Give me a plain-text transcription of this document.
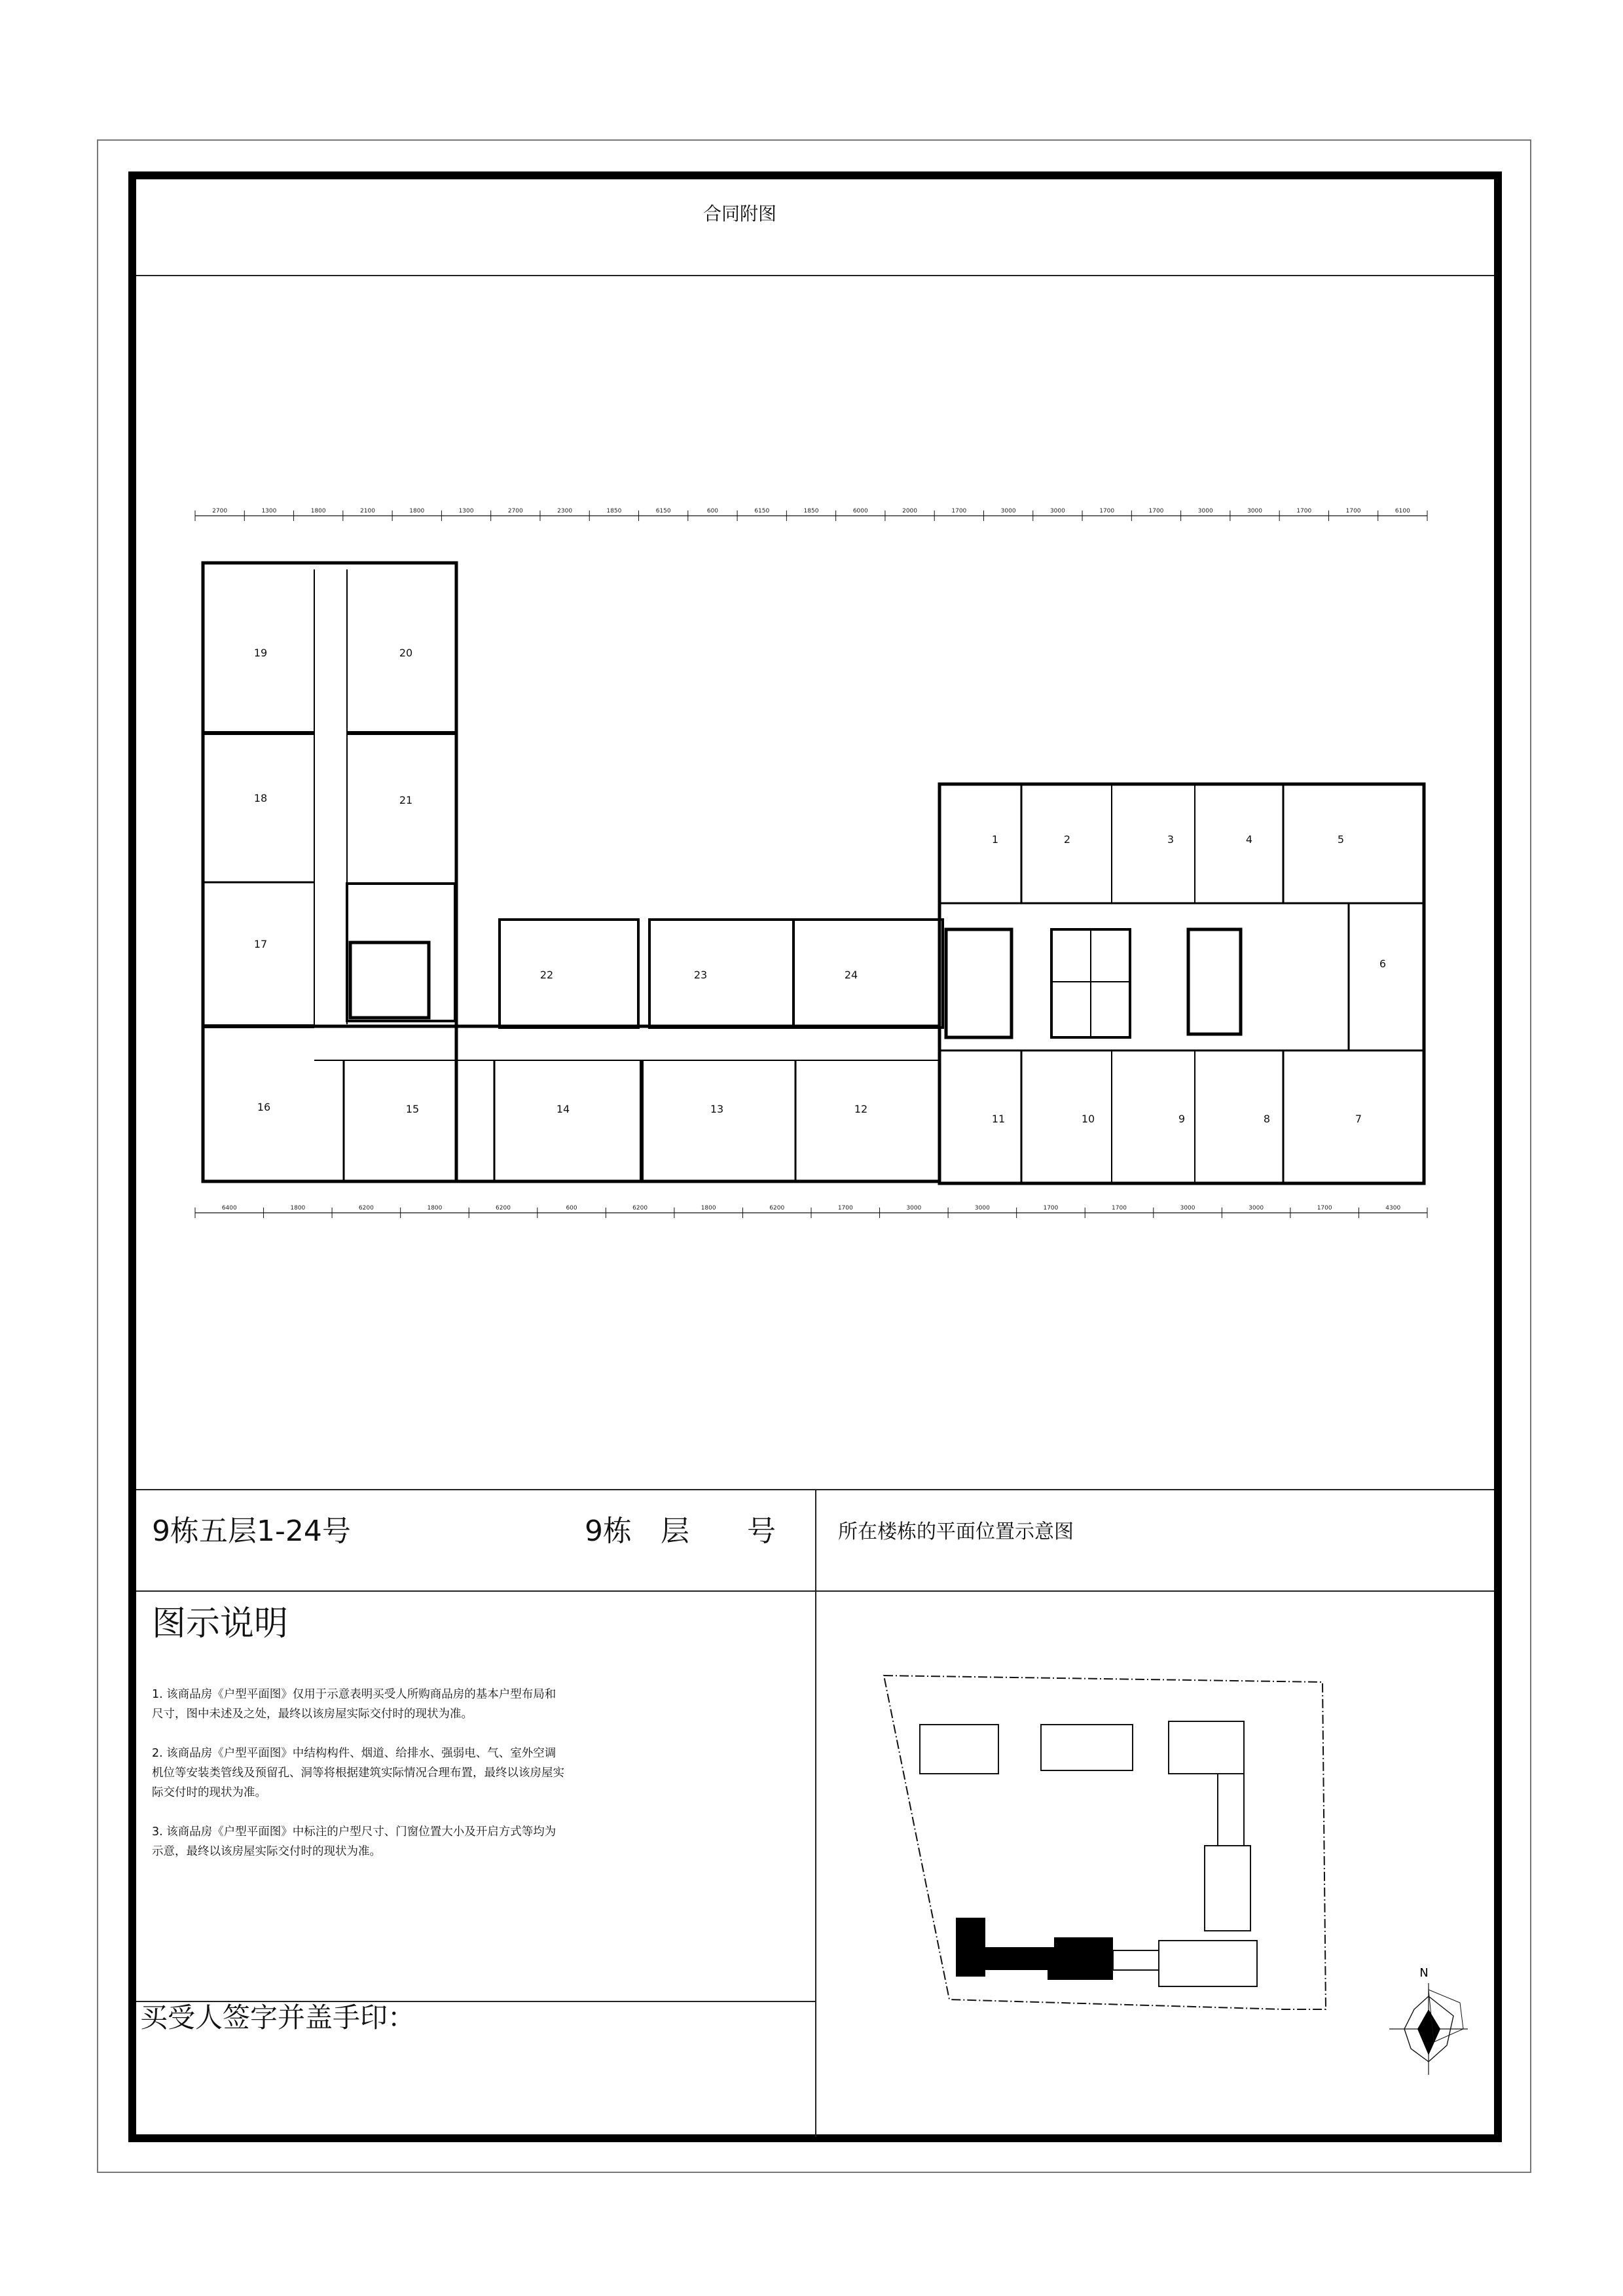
合同附图
2700	1300	1800	2100	1800	1300	2700	2300	1850	6150	600	6150	1850	6000	2000	1700	3000	3000	1700	1700	3000	3000	1700	1700	6100
6400	1800	6200	1800	6200	600	6200	1800	6200	1700	3000	3000	1700	1700	3000	3000	1700	4300
1	2	3	4	5
6
7
8
9
10
11
12
13
14
15
16
17
18
19	20
21
22	23	24
9栋五层1-24号	9栋　层　　号	所在楼栋的平面位置示意图
图示说明
1. 该商品房《户型平面图》仅用于示意表明买受人所购商品房的基本户型布局和尺寸，图中未述及之处，最终以该房屋实际交付时的现状为准。
2. 该商品房《户型平面图》中结构构件、烟道、给排水、强弱电、气、室外空调机位等安装类管线及预留孔、洞等将根据建筑实际情况合理布置，最终以该房屋实际交付时的现状为准。
3. 该商品房《户型平面图》中标注的户型尺寸、门窗位置大小及开启方式等均为示意，最终以该房屋实际交付时的现状为准。
买受人签字并盖手印：
N
